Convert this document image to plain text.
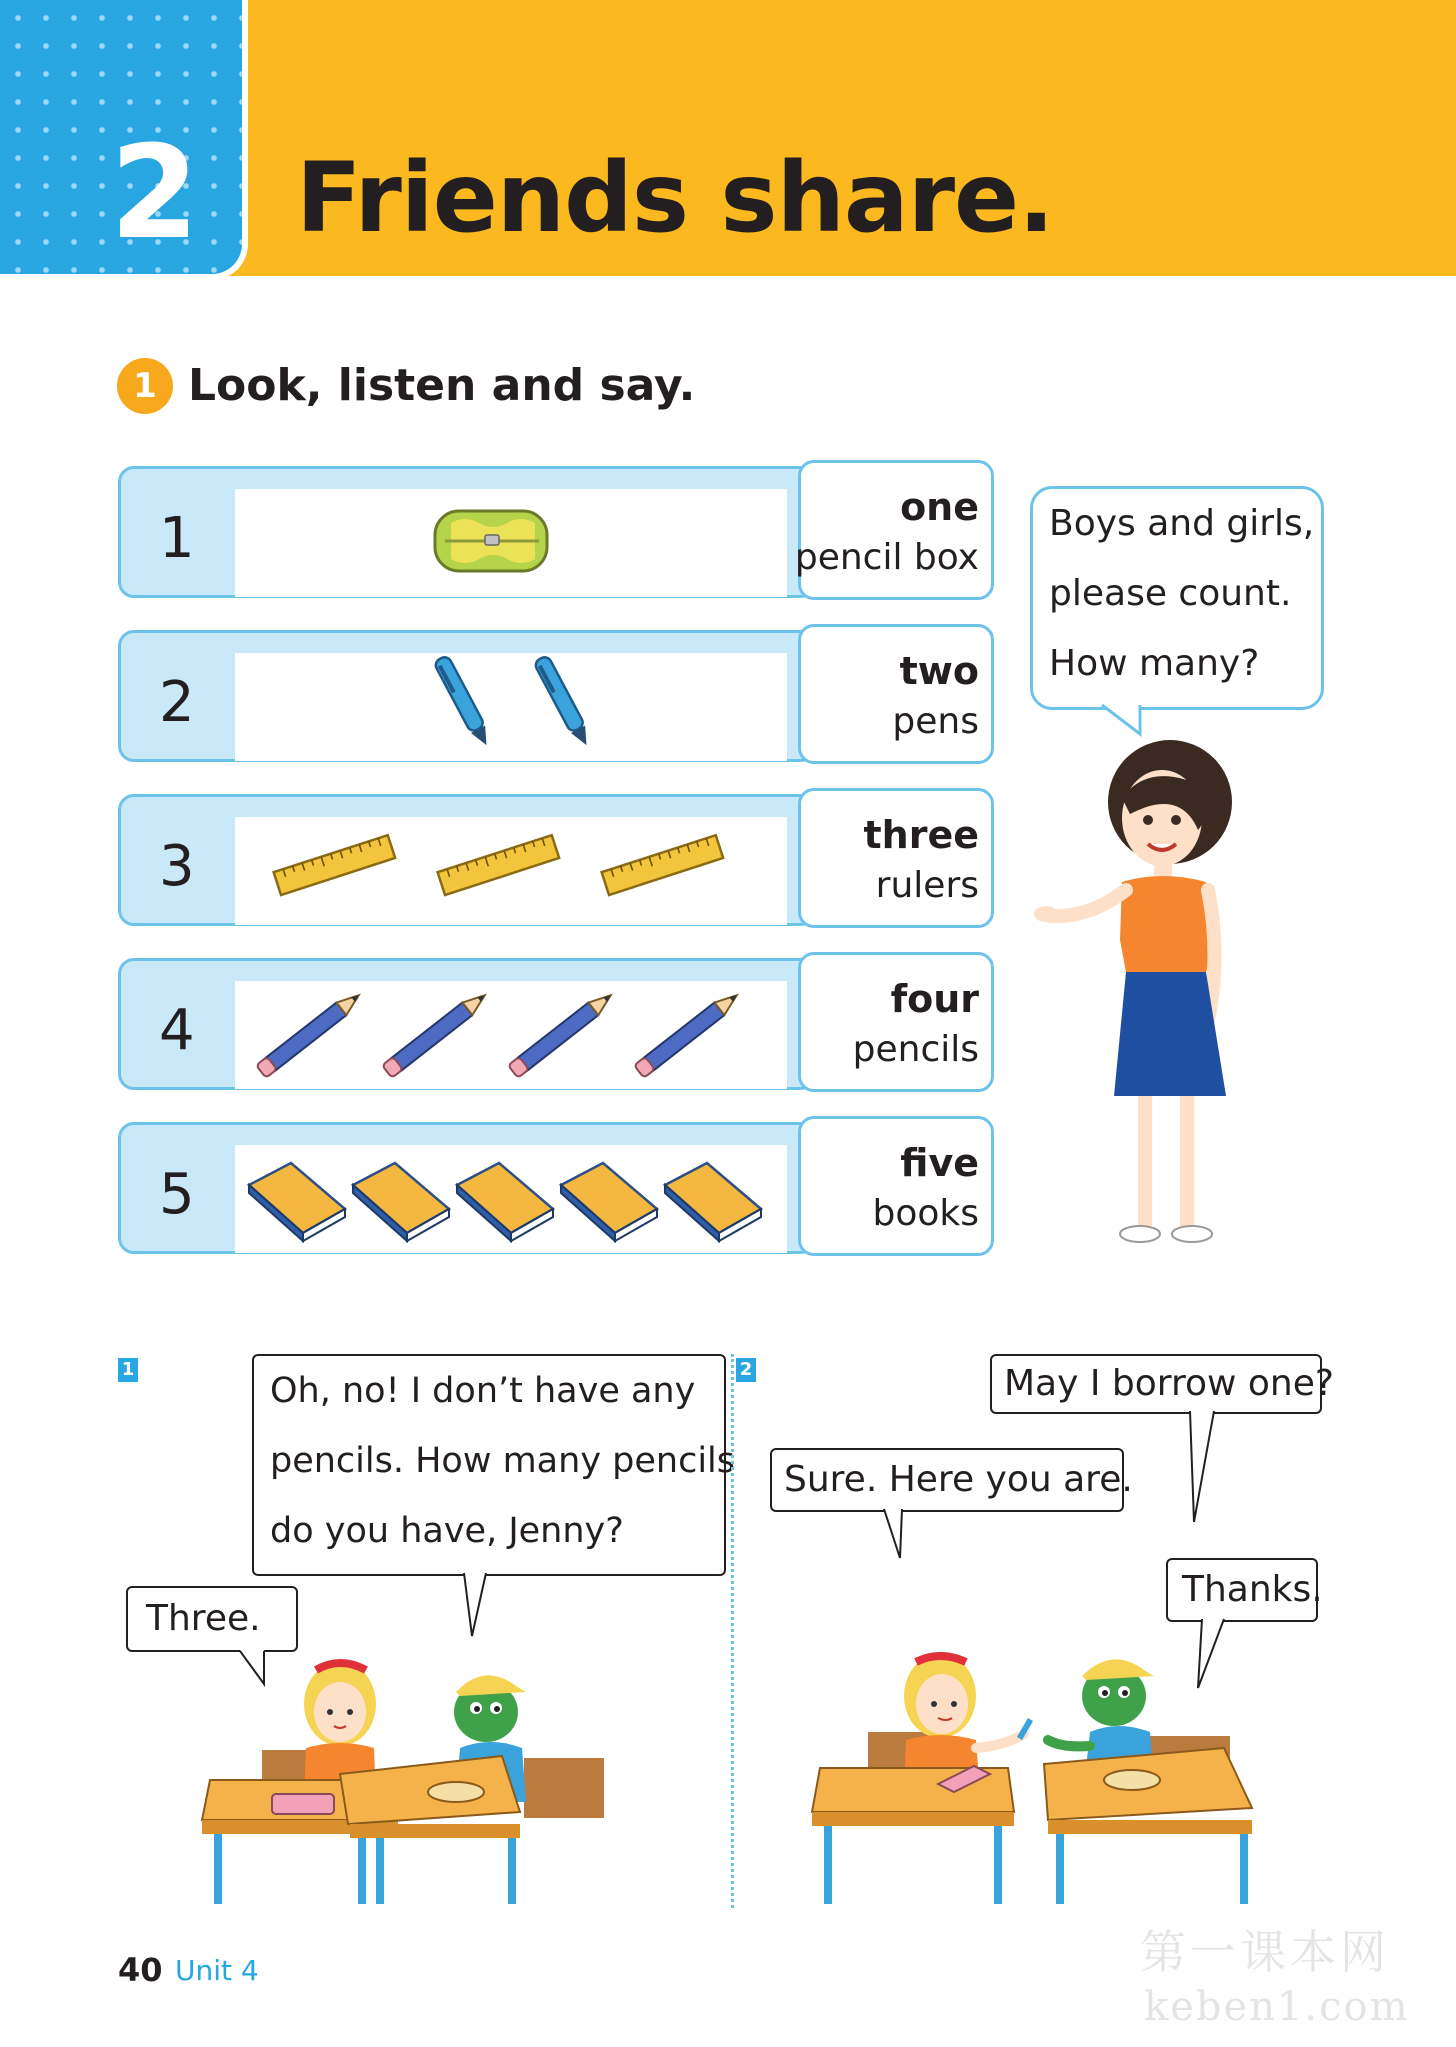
2 Friends share.
1 Look, listen and say.
1	one
pencil box
2	two
pens
3	three
rulers
4	four
pencils
5	five
books
Boys and girls,
please count.
How many?
1
Oh, no! I don’t have any
pencils. How many pencils
do you have, Jenny?
Three.
2	May I borrow one?
Sure. Here you are.
Thanks.
40 Unit 4	第一课本网
keben1.com
